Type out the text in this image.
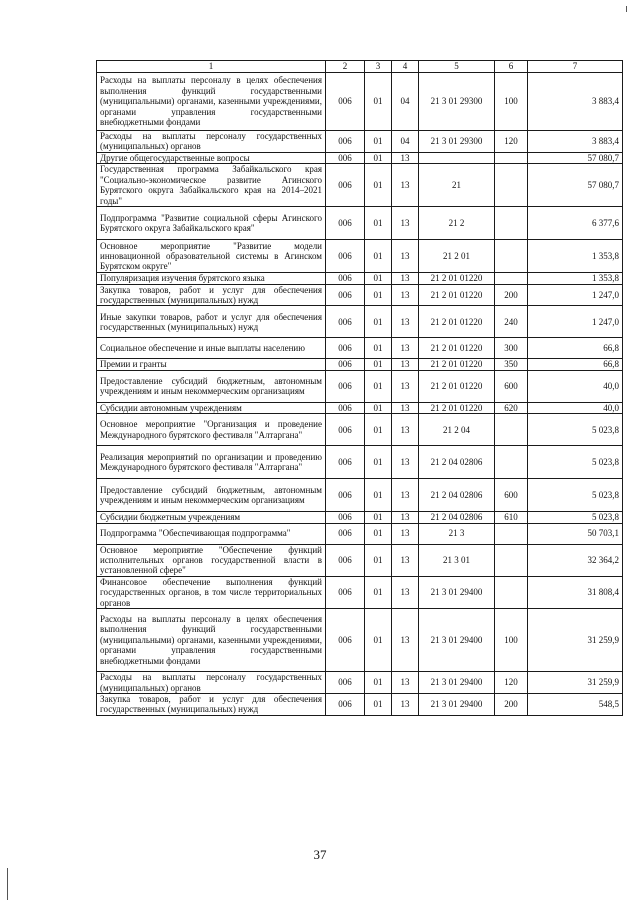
1	2	3	4	5	6	7
Расходы на выплаты персоналу в целях обеспечения выполнения функций государственными (муниципальными) органами, казенными учреждениями, органами управления государственными внебюджетными фондами	006	01	04	21 3 01 29300	100	3 883,4
Расходы на выплаты персоналу государственных (муниципальных) органов	006	01	04	21 3 01 29300	120	3 883,4
Другие общегосударственные вопросы	006	01	13			57 080,7
Государственная программа Забайкальского края "Социально-экономическое развитие Агинского Бурятского округа Забайкальского края на 2014–2021 годы"	006	01	13	21		57 080,7
Подпрограмма "Развитие социальной сферы Агинского Бурятского округа Забайкальского края"	006	01	13	21 2		6 377,6
Основное мероприятие "Развитие модели инновационной образовательной системы в Агинском Бурятском округе"	006	01	13	21 2 01		1 353,8
Популяризация изучения бурятского языка	006	01	13	21 2 01 01220		1 353,8
Закупка товаров, работ и услуг для обеспечения государственных (муниципальных) нужд	006	01	13	21 2 01 01220	200	1 247,0
Иные закупки товаров, работ и услуг для обеспечения государственных (муниципальных) нужд	006	01	13	21 2 01 01220	240	1 247,0
Социальное обеспечение и иные выплаты населению	006	01	13	21 2 01 01220	300	66,8
Премии и гранты	006	01	13	21 2 01 01220	350	66,8
Предоставление субсидий бюджетным, автономным учреждениям и иным некоммерческим организациям	006	01	13	21 2 01 01220	600	40,0
Субсидии автономным учреждениям	006	01	13	21 2 01 01220	620	40,0
Основное мероприятие "Организация и проведение Международного бурятского фестиваля "Алтаргана"	006	01	13	21 2 04		5 023,8
Реализация мероприятий по организации и проведению Международного бурятского фестиваля "Алтаргана"	006	01	13	21 2 04 02806		5 023,8
Предоставление субсидий бюджетным, автономным учреждениям и иным некоммерческим организациям	006	01	13	21 2 04 02806	600	5 023,8
Субсидии бюджетным учреждениям	006	01	13	21 2 04 02806	610	5 023,8
Подпрограмма "Обеспечивающая подпрограмма"	006	01	13	21 3		50 703,1
Основное мероприятие "Обеспечение функций исполнительных органов государственной власти в установленной сфере"	006	01	13	21 3 01		32 364,2
Финансовое обеспечение выполнения функций государственных органов, в том числе территориальных органов	006	01	13	21 3 01 29400		31 808,4
Расходы на выплаты персоналу в целях обеспечения выполнения функций государственными (муниципальными) органами, казенными учреждениями, органами управления государственными внебюджетными фондами	006	01	13	21 3 01 29400	100	31 259,9
Расходы на выплаты персоналу государственных (муниципальных) органов	006	01	13	21 3 01 29400	120	31 259,9
Закупка товаров, работ и услуг для обеспечения государственных (муниципальных) нужд	006	01	13	21 3 01 29400	200	548,5
37
